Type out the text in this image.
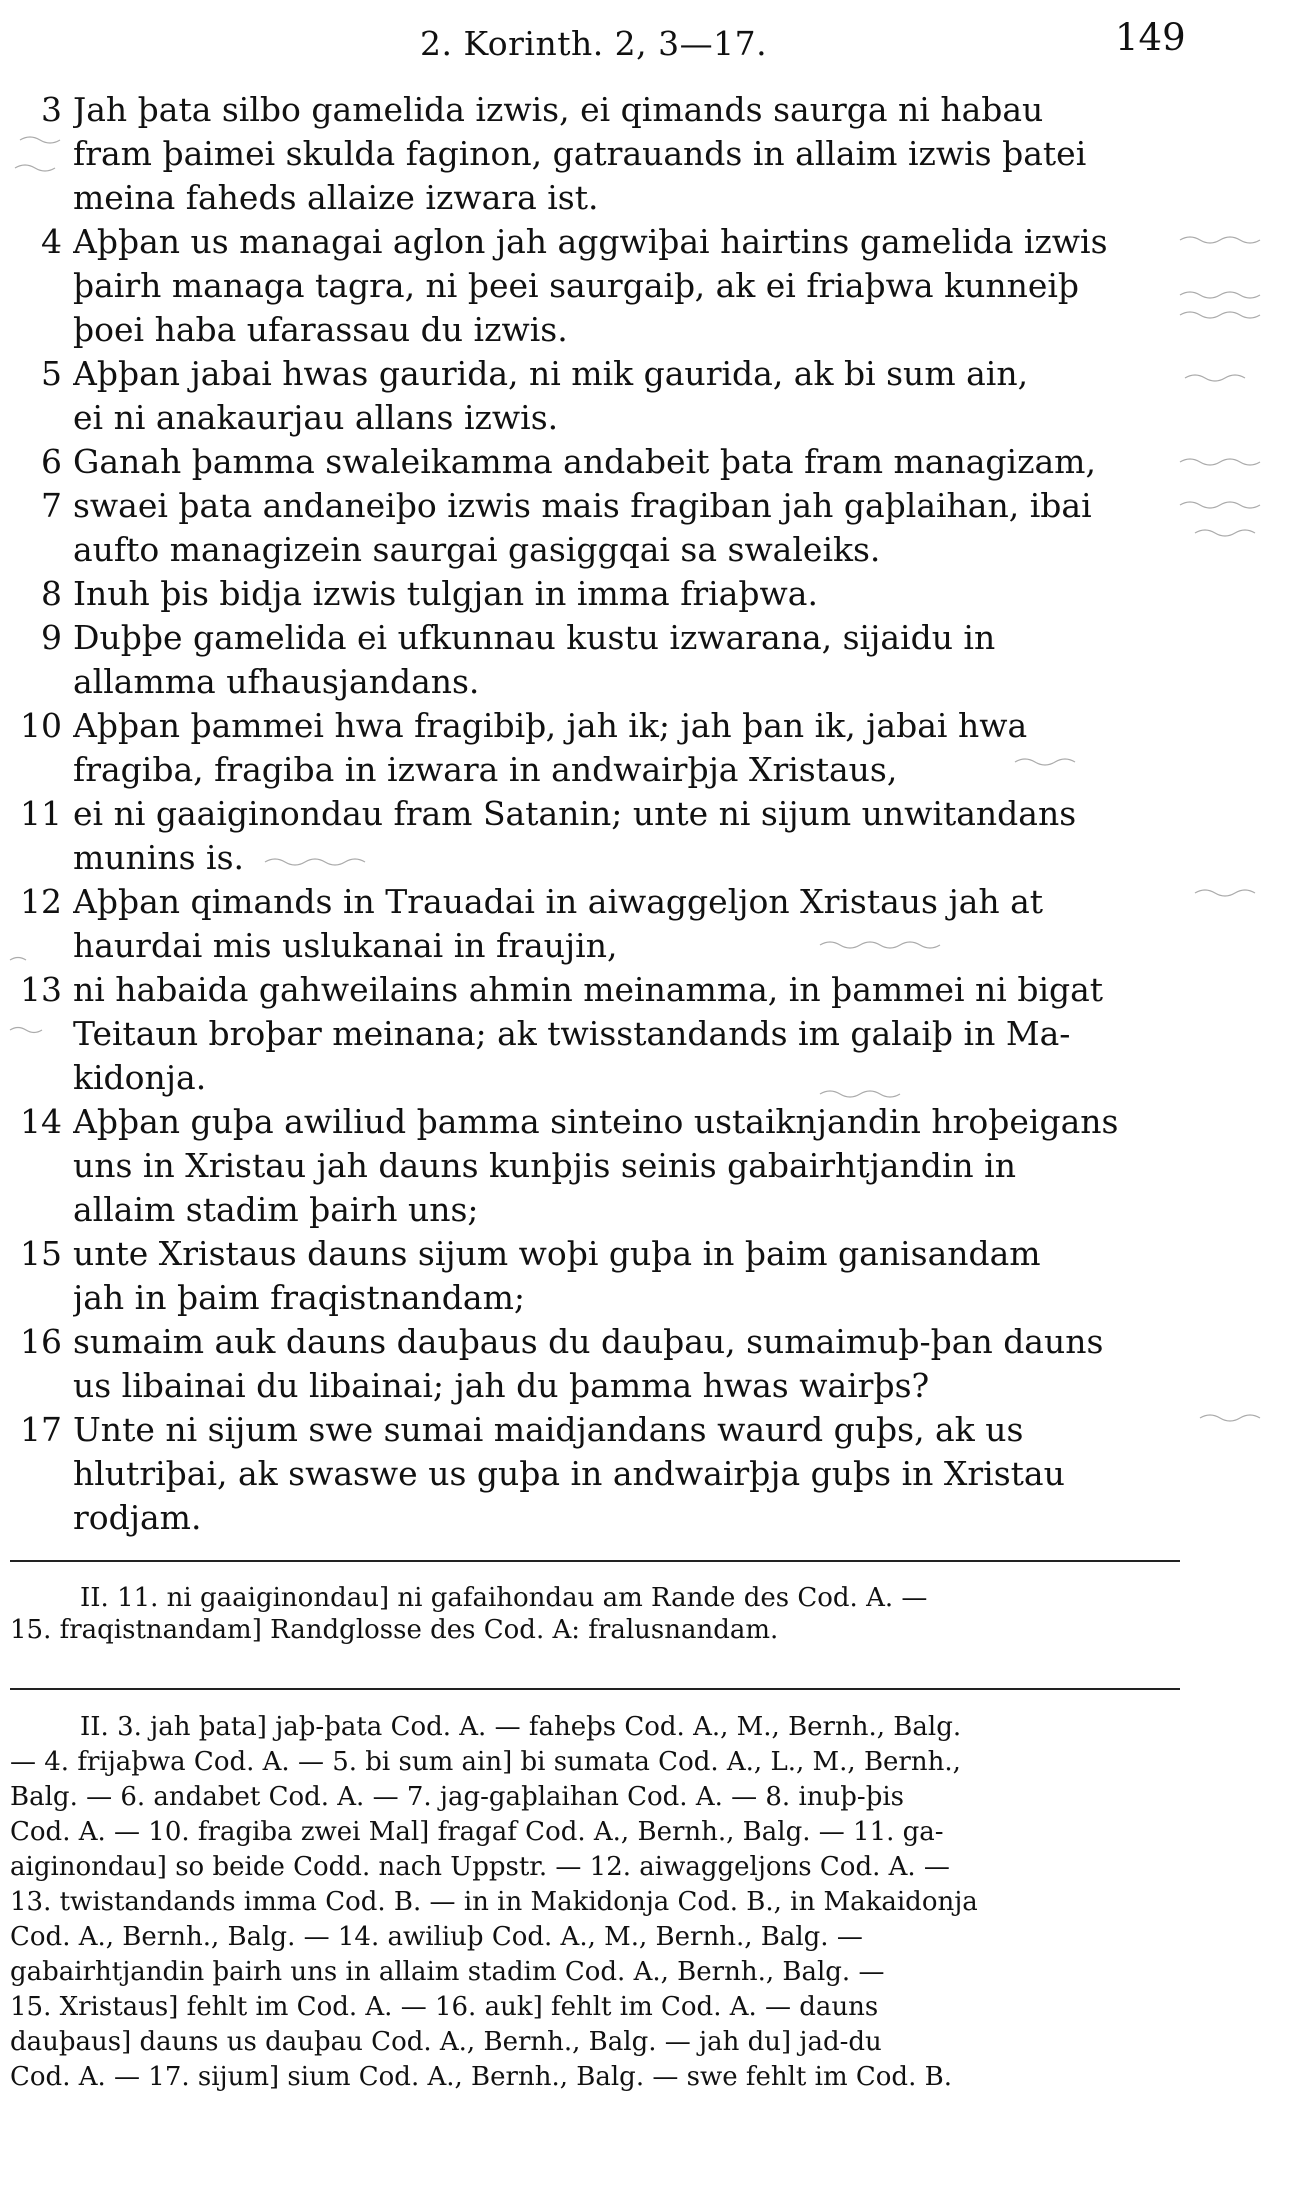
2. Korinth. 2, 3—17.	149
3 Jah þata silbo gamelida izwis, ei qimands saurga ni habau
fram þaimei skulda faginon, gatrauands in allaim izwis þatei
meina faheds allaize izwara ist.
4 Aþþan us managai aglon jah aggwiþai hairtins gamelida izwis
þairh managa tagra, ni þeei saurgaiþ, ak ei friaþwa kunneiþ
þoei haba ufarassau du izwis.
5 Aþþan jabai hwas gaurida, ni mik gaurida, ak bi sum ain,
ei ni anakaurjau allans izwis.
6 Ganah þamma swaleikamma andabeit þata fram managizam,
7 swaei þata andaneiþo izwis mais fragiban jah gaþlaihan, ibai
aufto managizein saurgai gasiggqai sa swaleiks.
8 Inuh þis bidja izwis tulgjan in imma friaþwa.
9 Duþþe gamelida ei ufkunnau kustu izwarana, sijaidu in
allamma ufhausjandans.
10 Aþþan þammei hwa fragibiþ, jah ik; jah þan ik, jabai hwa
fragiba, fragiba in izwara in andwairþja Xristaus,
11 ei ni gaaiginondau fram Satanin; unte ni sijum unwitandans
munins is.
12 Aþþan qimands in Trauadai in aiwaggeljon Xristaus jah at
haurdai mis uslukanai in fraujin,
13 ni habaida gahweilains ahmin meinamma, in þammei ni bigat
Teitaun broþar meinana; ak twisstandands im galaiþ in Ma-
kidonja.
14 Aþþan guþa awiliud þamma sinteino ustaiknjandin hroþeigans
uns in Xristau jah dauns kunþjis seinis gabairhtjandin in
allaim stadim þairh uns;
15 unte Xristaus dauns sijum woþi guþa in þaim ganisandam
jah in þaim fraqistnandam;
16 sumaim auk dauns dauþaus du dauþau, sumaimuþ-þan dauns
us libainai du libainai; jah du þamma hwas wairþs?
17 Unte ni sijum swe sumai maidjandans waurd guþs, ak us
hlutriþai, ak swaswe us guþa in andwairþja guþs in Xristau
rodjam.
II. 11. ni gaaiginondau] ni gafaihondau am Rande des Cod. A. —
15. fraqistnandam] Randglosse des Cod. A: fralusnandam.
II. 3. jah þata] jaþ-þata Cod. A. — faheþs Cod. A., M., Bernh., Balg.
— 4. frijaþwa Cod. A. — 5. bi sum ain] bi sumata Cod. A., L., M., Bernh.,
Balg. — 6. andabet Cod. A. — 7. jag-gaþlaihan Cod. A. — 8. inuþ-þis
Cod. A. — 10. fragiba zwei Mal] fragaf Cod. A., Bernh., Balg. — 11. ga-
aiginondau] so beide Codd. nach Uppstr. — 12. aiwaggeljons Cod. A. —
13. twistandands imma Cod. B. — in in Makidonja Cod. B., in Makaidonja
Cod. A., Bernh., Balg. — 14. awiliuþ Cod. A., M., Bernh., Balg. —
gabairhtjandin þairh uns in allaim stadim Cod. A., Bernh., Balg. —
15. Xristaus] fehlt im Cod. A. — 16. auk] fehlt im Cod. A. — dauns
dauþaus] dauns us dauþau Cod. A., Bernh., Balg. — jah du] jad-du
Cod. A. — 17. sijum] sium Cod. A., Bernh., Balg. — swe fehlt im Cod. B.
